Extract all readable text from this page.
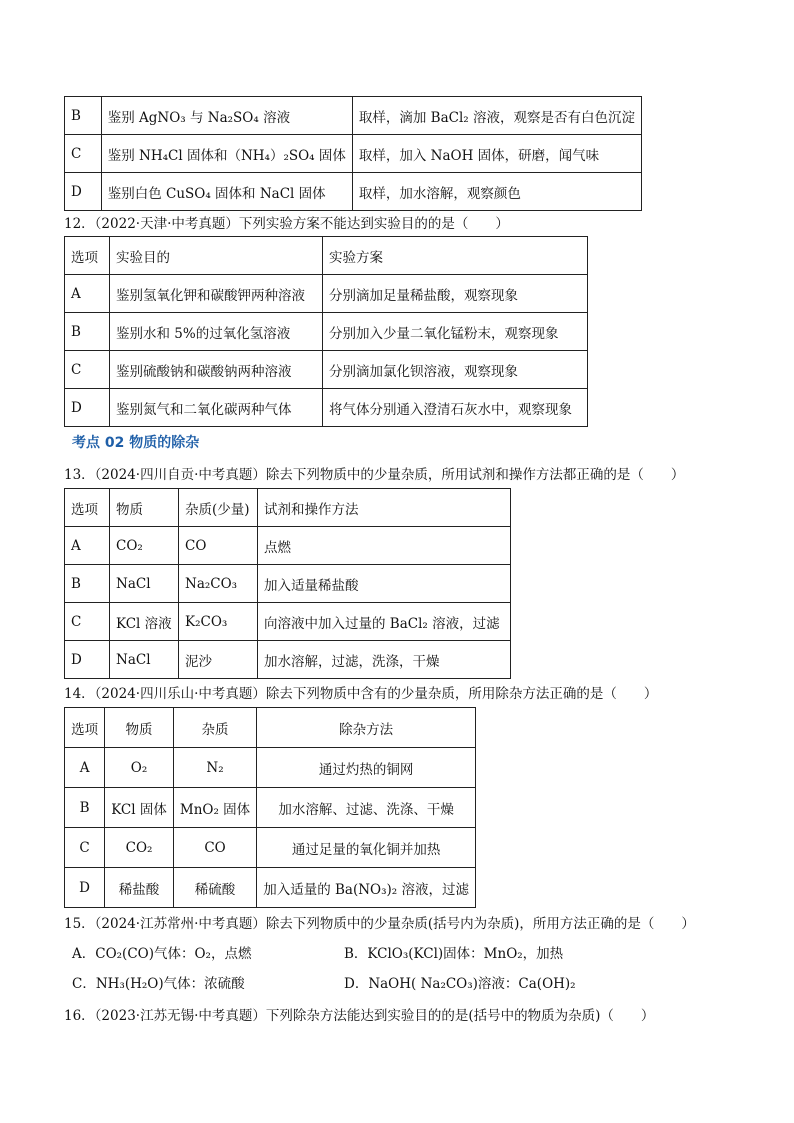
B	鉴别 AgNO₃ 与 Na₂SO₄ 溶液	取样，滴加 BaCl₂ 溶液，观察是否有白色沉淀
C	鉴别 NH₄Cl 固体和（NH₄）₂SO₄ 固体	取样，加入 NaOH 固体，研磨，闻气味
D	鉴别白色 CuSO₄ 固体和 NaCl 固体	取样，加水溶解，观察颜色
12．（2022·天津·中考真题）下列实验方案不能达到实验目的的是（　　）
选项	实验目的	实验方案
A	鉴别氢氧化钾和碳酸钾两种溶液	分别滴加足量稀盐酸，观察现象
B	鉴别水和 5%的过氧化氢溶液	分别加入少量二氧化锰粉末，观察现象
C	鉴别硫酸钠和碳酸钠两种溶液	分别滴加氯化钡溶液，观察现象
D	鉴别氮气和二氧化碳两种气体	将气体分别通入澄清石灰水中，观察现象
考点 02 物质的除杂
13．（2024·四川自贡·中考真题）除去下列物质中的少量杂质，所用试剂和操作方法都正确的是（　　）
选项	物质	杂质(少量)	试剂和操作方法
A	CO₂	CO	点燃
B	NaCl	Na₂CO₃	加入适量稀盐酸
C	KCl 溶液	K₂CO₃	向溶液中加入过量的 BaCl₂ 溶液，过滤
D	NaCl	泥沙	加水溶解，过滤，洗涤，干燥
14．（2024·四川乐山·中考真题）除去下列物质中含有的少量杂质，所用除杂方法正确的是（　　）
选项	物质	杂质	除杂方法
A	O₂	N₂	通过灼热的铜网
B	KCl 固体	MnO₂ 固体	加水溶解、过滤、洗涤、干燥
C	CO₂	CO	通过足量的氧化铜并加热
D	稀盐酸	稀硫酸	加入适量的 Ba(NO₃)₂ 溶液，过滤
15．（2024·江苏常州·中考真题）除去下列物质中的少量杂质(括号内为杂质)，所用方法正确的是（　　）
A．CO₂(CO)气体：O₂，点燃	B．KClO₃(KCl)固体：MnO₂，加热
C．NH₃(H₂O)气体：浓硫酸	D．NaOH( Na₂CO₃)溶液：Ca(OH)₂
16．（2023·江苏无锡·中考真题）下列除杂方法能达到实验目的的是(括号中的物质为杂质)（　　）
